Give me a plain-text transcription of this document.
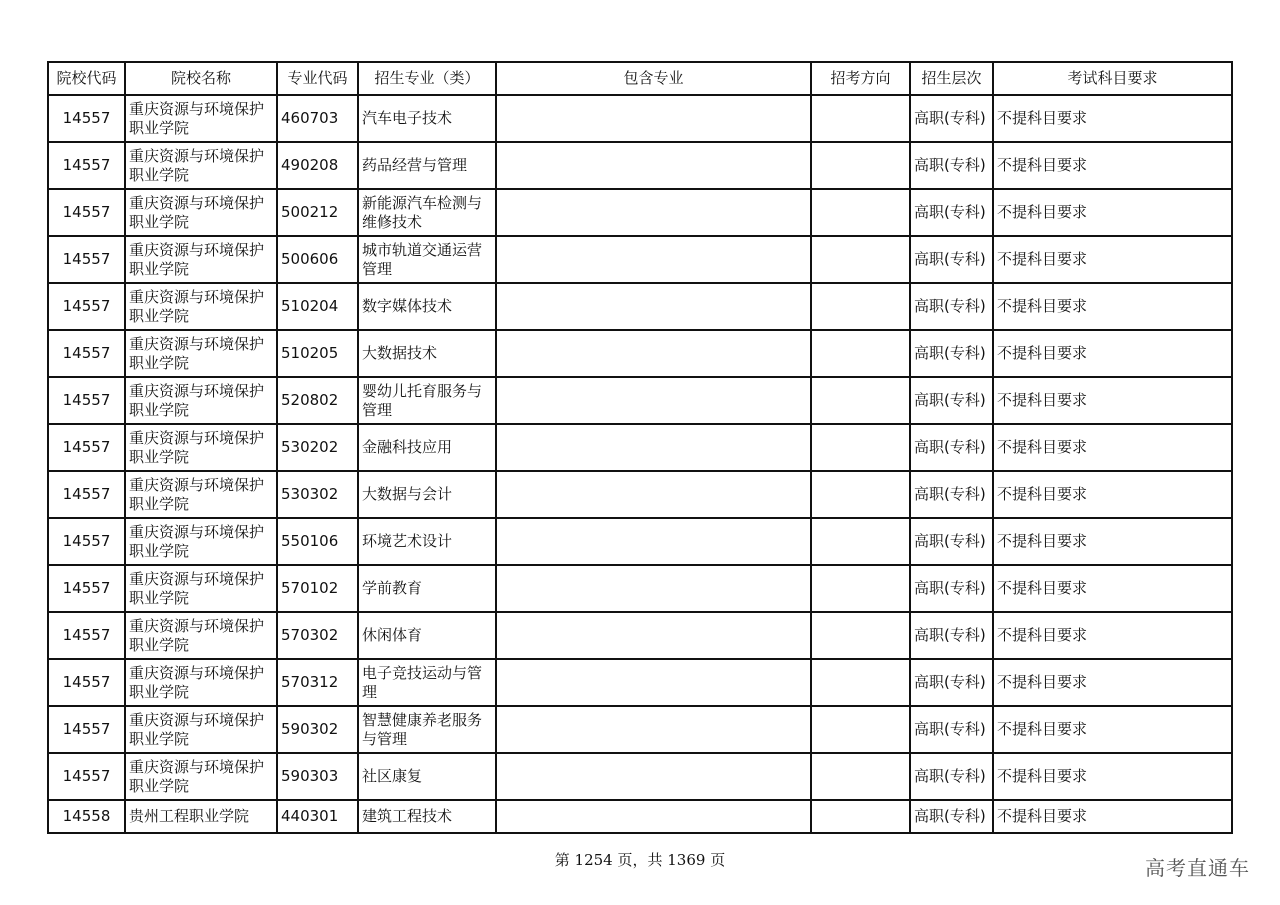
院校代码	院校名称	专业代码	招生专业（类）	包含专业	招考方向	招生层次	考试科目要求
14557	重庆资源与环境保护职业学院	460703	汽车电子技术			高职(专科)	不提科目要求
14557	重庆资源与环境保护职业学院	490208	药品经营与管理			高职(专科)	不提科目要求
14557	重庆资源与环境保护职业学院	500212	新能源汽车检测与维修技术			高职(专科)	不提科目要求
14557	重庆资源与环境保护职业学院	500606	城市轨道交通运营管理			高职(专科)	不提科目要求
14557	重庆资源与环境保护职业学院	510204	数字媒体技术			高职(专科)	不提科目要求
14557	重庆资源与环境保护职业学院	510205	大数据技术			高职(专科)	不提科目要求
14557	重庆资源与环境保护职业学院	520802	婴幼儿托育服务与管理			高职(专科)	不提科目要求
14557	重庆资源与环境保护职业学院	530202	金融科技应用			高职(专科)	不提科目要求
14557	重庆资源与环境保护职业学院	530302	大数据与会计			高职(专科)	不提科目要求
14557	重庆资源与环境保护职业学院	550106	环境艺术设计			高职(专科)	不提科目要求
14557	重庆资源与环境保护职业学院	570102	学前教育			高职(专科)	不提科目要求
14557	重庆资源与环境保护职业学院	570302	休闲体育			高职(专科)	不提科目要求
14557	重庆资源与环境保护职业学院	570312	电子竞技运动与管理			高职(专科)	不提科目要求
14557	重庆资源与环境保护职业学院	590302	智慧健康养老服务与管理			高职(专科)	不提科目要求
14557	重庆资源与环境保护职业学院	590303	社区康复			高职(专科)	不提科目要求
14558	贵州工程职业学院	440301	建筑工程技术			高职(专科)	不提科目要求
第 1254 页，共 1369 页	高考直通车
